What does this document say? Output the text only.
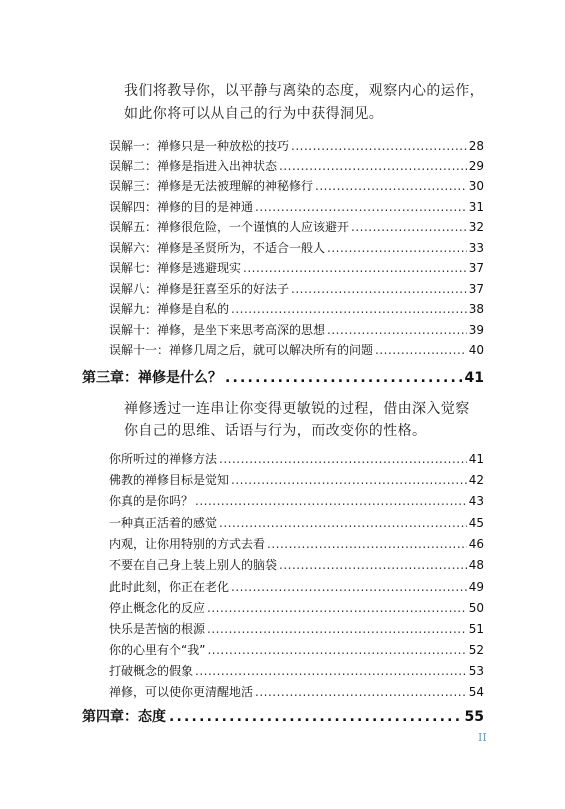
我们将教导你，以平静与离染的态度，观察内心的运作，
如此你将可以从自己的行为中获得洞见。
误解一：禅修只是一种放松的技巧 .....	28
误解二：禅修是指进入出神状态 .....	29
误解三：禅修是无法被理解的神秘修行 .....	30
误解四：禅修的目的是神通 .....	31
误解五：禅修很危险，一个谨慎的人应该避开 .....	32
误解六：禅修是圣贤所为，不适合一般人 .....	33
误解七：禅修是逃避现实 .....	37
误解八：禅修是狂喜至乐的好法子 .....	37
误解九：禅修是自私的 .....	38
误解十：禅修，是坐下来思考高深的思想 .....	39
误解十一：禅修几周之后，就可以解决所有的问题 .....	40
第三章：禅修是什么？ .....	41
禅修透过一连串让你变得更敏锐的过程，借由深入觉察
你自己的思维、话语与行为，而改变你的性格。
你所听过的禅修方法 .....	41
佛教的禅修目标是觉知 .....	42
你真的是你吗？ .....	43
一种真正活着的感觉 .....	45
内观，让你用特别的方式去看 .....	46
不要在自己身上装上别人的脑袋 .....	48
此时此刻，你正在老化 .....	49
停止概念化的反应 .....	50
快乐是苦恼的根源 .....	51
你的心里有个“我” .....	52
打破概念的假象 .....	53
禅修，可以使你更清醒地活 .....	54
第四章：态度 .....	55
II
